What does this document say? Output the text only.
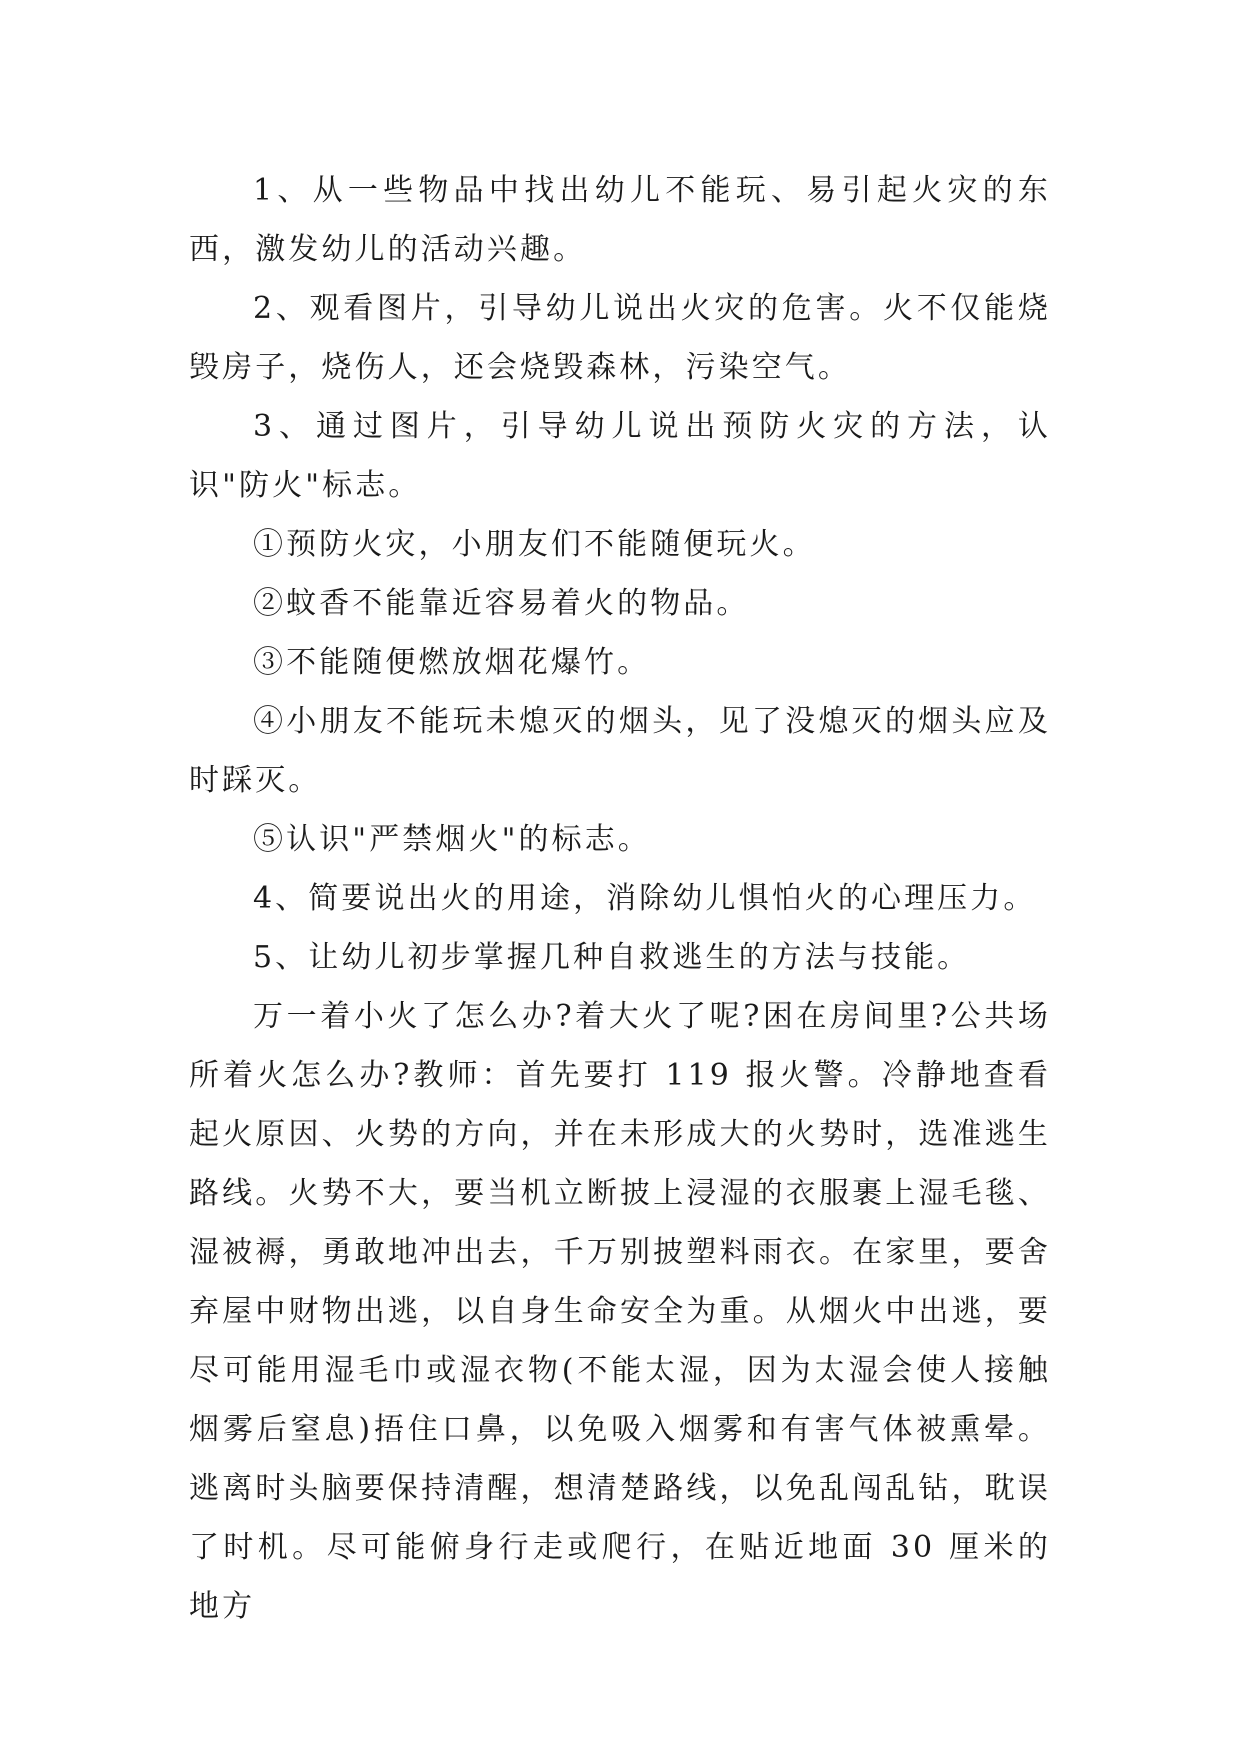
1、从一些物品中找出幼儿不能玩、易引起火灾的东西，激发幼儿的活动兴趣。

2、观看图片，引导幼儿说出火灾的危害。火不仅能烧毁房子，烧伤人，还会烧毁森林，污染空气。

3、通过图片，引导幼儿说出预防火灾的方法，认识"防火"标志。

①预防火灾，小朋友们不能随便玩火。

②蚊香不能靠近容易着火的物品。

③不能随便燃放烟花爆竹。

④小朋友不能玩未熄灭的烟头，见了没熄灭的烟头应及时踩灭。

⑤认识"严禁烟火"的标志。

4、简要说出火的用途，消除幼儿惧怕火的心理压力。

5、让幼儿初步掌握几种自救逃生的方法与技能。

万一着小火了怎么办?着大火了呢?困在房间里?公共场所着火怎么办?教师：首先要打 119 报火警。冷静地查看起火原因、火势的方向，并在未形成大的火势时，选准逃生路线。火势不大，要当机立断披上浸湿的衣服裹上湿毛毯、湿被褥，勇敢地冲出去，千万别披塑料雨衣。在家里，要舍弃屋中财物出逃，以自身生命安全为重。从烟火中出逃，要尽可能用湿毛巾或湿衣物(不能太湿，因为太湿会使人接触烟雾后窒息)捂住口鼻，以免吸入烟雾和有害气体被熏晕。逃离时头脑要保持清醒，想清楚路线，以免乱闯乱钻，耽误了时机。尽可能俯身行走或爬行，在贴近地面 30 厘米的地方
